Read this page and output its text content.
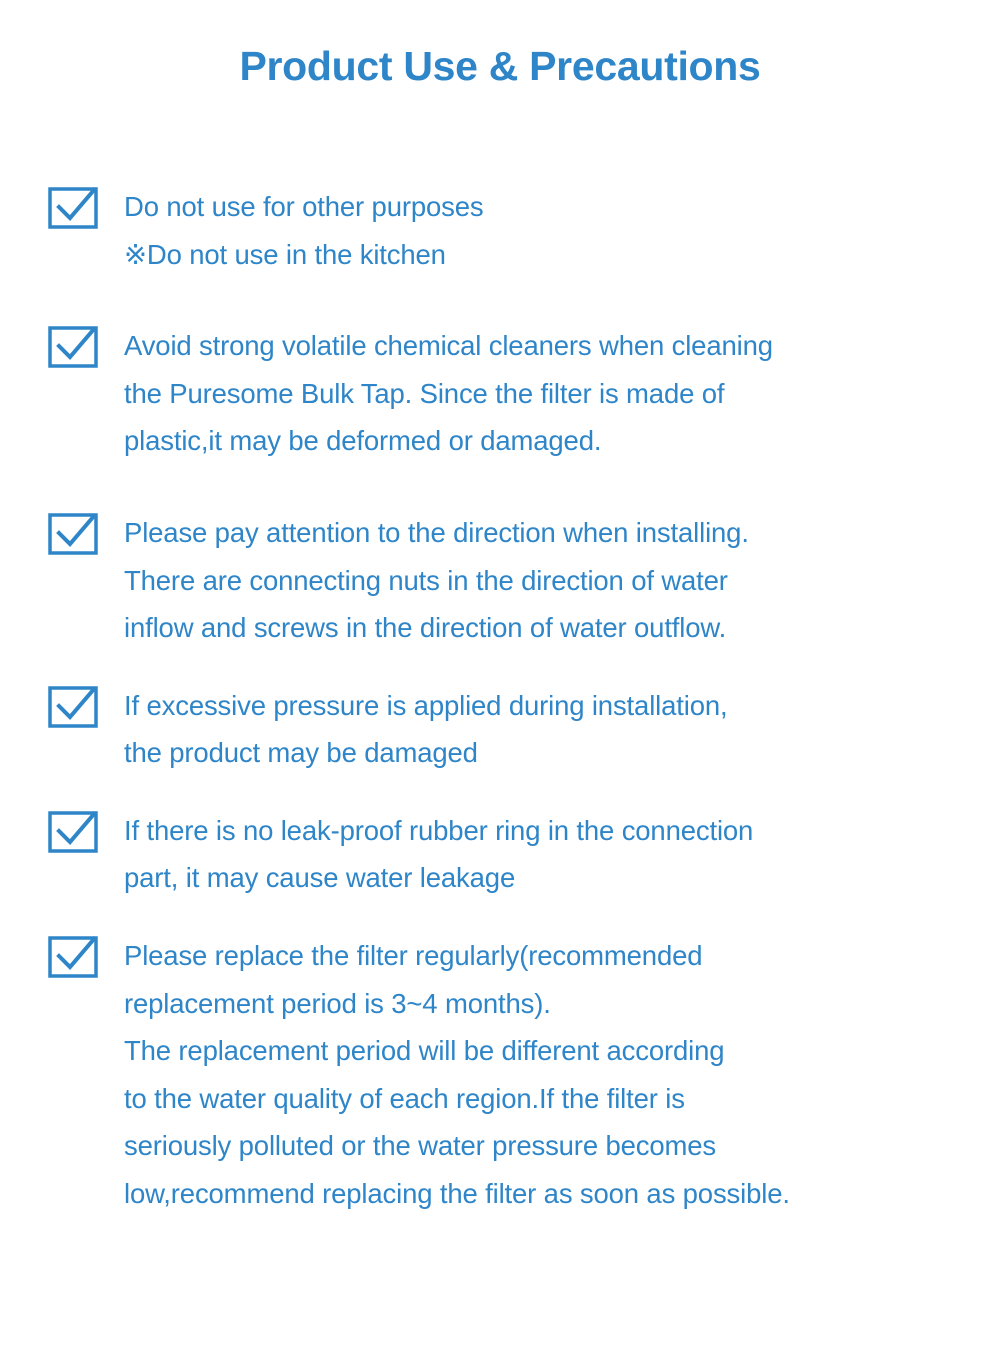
Product Use & Precautions
Do not use for other purposes
※Do not use in the kitchen
Avoid strong volatile chemical cleaners when cleaning
the Puresome Bulk Tap. Since the filter is made of
plastic,it may be deformed or damaged.
Please pay attention to the direction when installing.
There are connecting nuts in the direction of water
inflow and screws in the direction of water outflow.
If excessive pressure is applied during installation,
the product may be damaged
If there is no leak-proof rubber ring in the connection
part, it may cause water leakage
Please replace the filter regularly(recommended
replacement period is 3~4 months).
The replacement period will be different according
to the water quality of each region.If the filter is
seriously polluted or the water pressure becomes
low,recommend replacing the filter as soon as possible.
